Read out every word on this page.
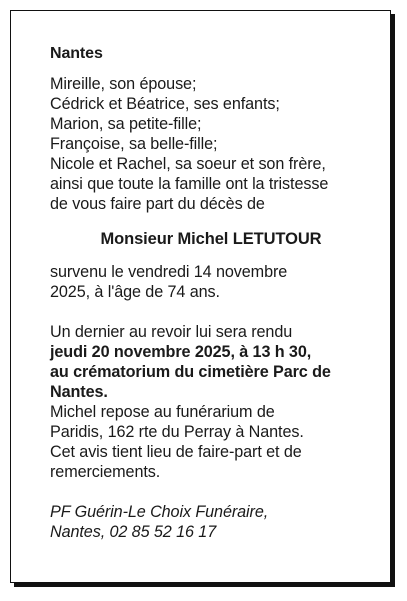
Nantes
Mireille, son épouse;
Cédrick et Béatrice, ses enfants;
Marion, sa petite-fille;
Françoise, sa belle-fille;
Nicole et Rachel, sa soeur et son frère,
ainsi que toute la famille ont la tristesse
de vous faire part du décès de
Monsieur Michel LETUTOUR
survenu le vendredi 14 novembre
2025, à l'âge de 74 ans.
Un dernier au revoir lui sera rendu
jeudi 20 novembre 2025, à 13 h 30,
au crématorium du cimetière Parc de
Nantes.
Michel repose au funérarium de
Paridis, 162 rte du Perray à Nantes.
Cet avis tient lieu de faire-part et de
remerciements.
PF Guérin-Le Choix Funéraire,
Nantes, 02 85 52 16 17
